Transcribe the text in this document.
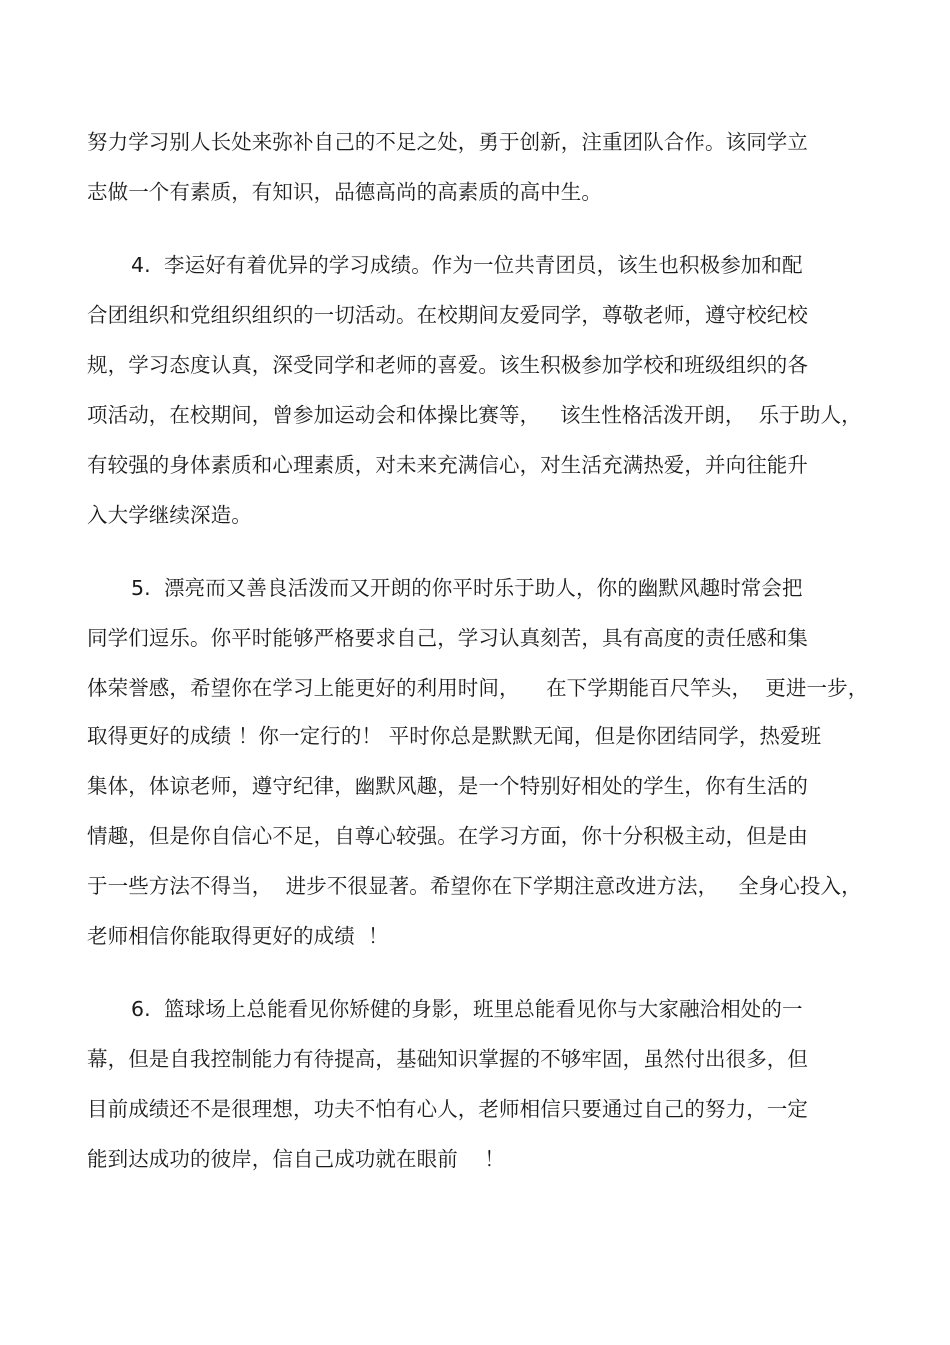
努力学习别人长处来弥补自己的不足之处，勇于创新，注重团队合作。该同学立

志做一个有素质，有知识，品德高尚的高素质的高中生。

4.  李运好有着优异的学习成绩。作为一位共青团员，该生也积极参加和配

合团组织和党组织组织的一切活动。在校期间友爱同学，尊敬老师，遵守校纪校

规，学习态度认真，深受同学和老师的喜爱。该生积极参加学校和班级组织的各

项活动，在校期间，曾参加运动会和体操比赛等，   该生性格活泼开朗，  乐于助人，

有较强的身体素质和心理素质，对未来充满信心，对生活充满热爱，并向往能升

入大学继续深造。

5.  漂亮而又善良活泼而又开朗的你平时乐于助人，你的幽默风趣时常会把

同学们逗乐。你平时能够严格要求自己，学习认真刻苦，具有高度的责任感和集

体荣誉感，希望你在学习上能更好的利用时间，    在下学期能百尺竿头，  更进一步，

取得更好的成绩 ！你一定行的！ 平时你总是默默无闻，但是你团结同学，热爱班

集体，体谅老师，遵守纪律，幽默风趣，是一个特别好相处的学生，你有生活的

情趣，但是你自信心不足，自尊心较强。在学习方面，你十分积极主动，但是由

于一些方法不得当，  进步不很显著。希望你在下学期注意改进方法，   全身心投入，

老师相信你能取得更好的成绩  ！

6.  篮球场上总能看见你矫健的身影，班里总能看见你与大家融洽相处的一

幕，但是自我控制能力有待提高，基础知识掌握的不够牢固，虽然付出很多，但

目前成绩还不是很理想，功夫不怕有心人，老师相信只要通过自己的努力，一定

能到达成功的彼岸，信自己成功就在眼前    ！
